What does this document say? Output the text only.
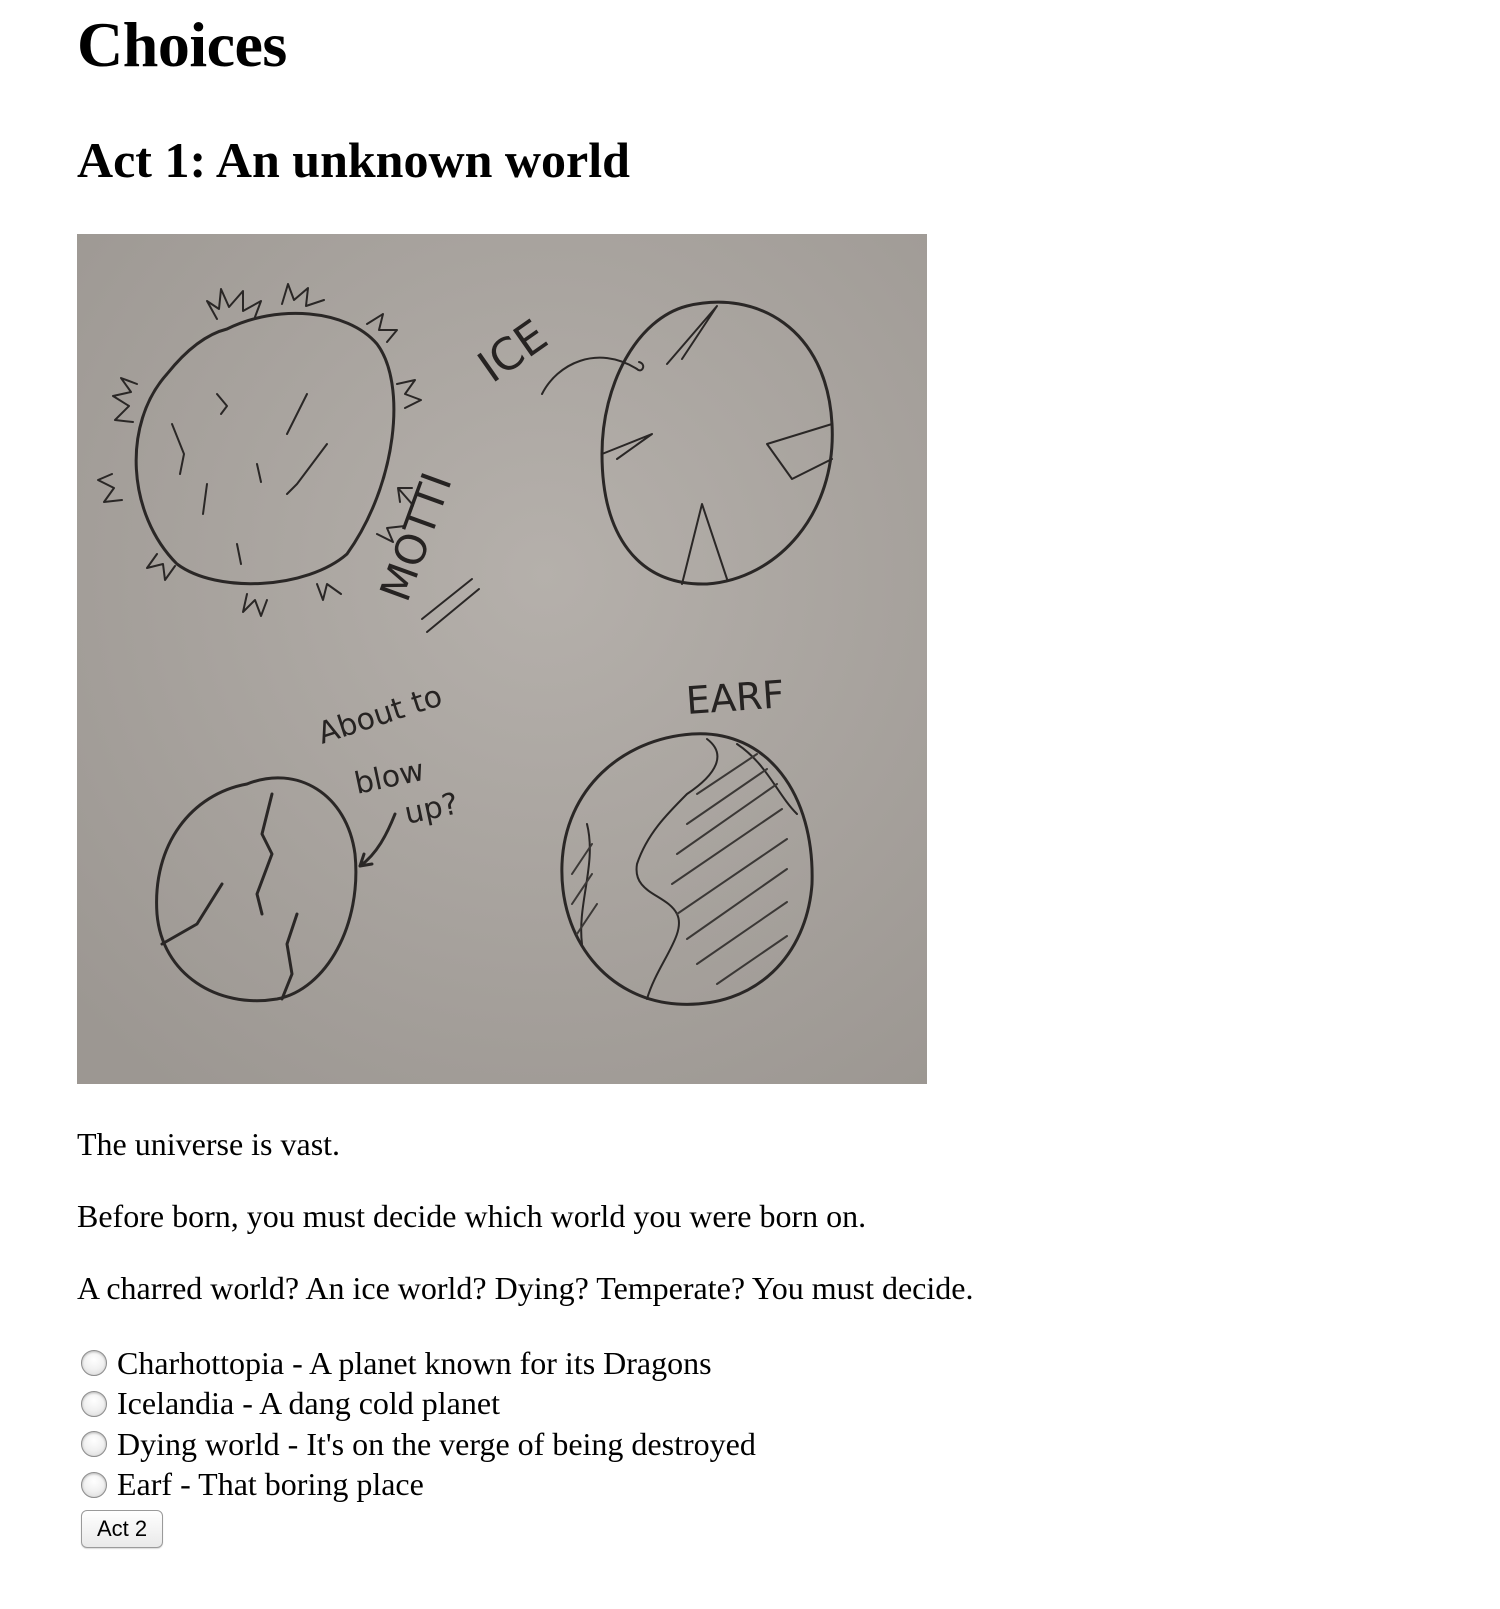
Choices
Act 1: An unknown world
MOTTI
ICE
About to
blow
up?
EARF

The universe is vast.

Before born, you must decide which world you were born on.

A charred world? An ice world? Dying? Temperate? You must decide.

Charhottopia - A planet known for its Dragons
Icelandia - A dang cold planet
Dying world - It's on the verge of being destroyed
Earf - That boring place
Act 2
